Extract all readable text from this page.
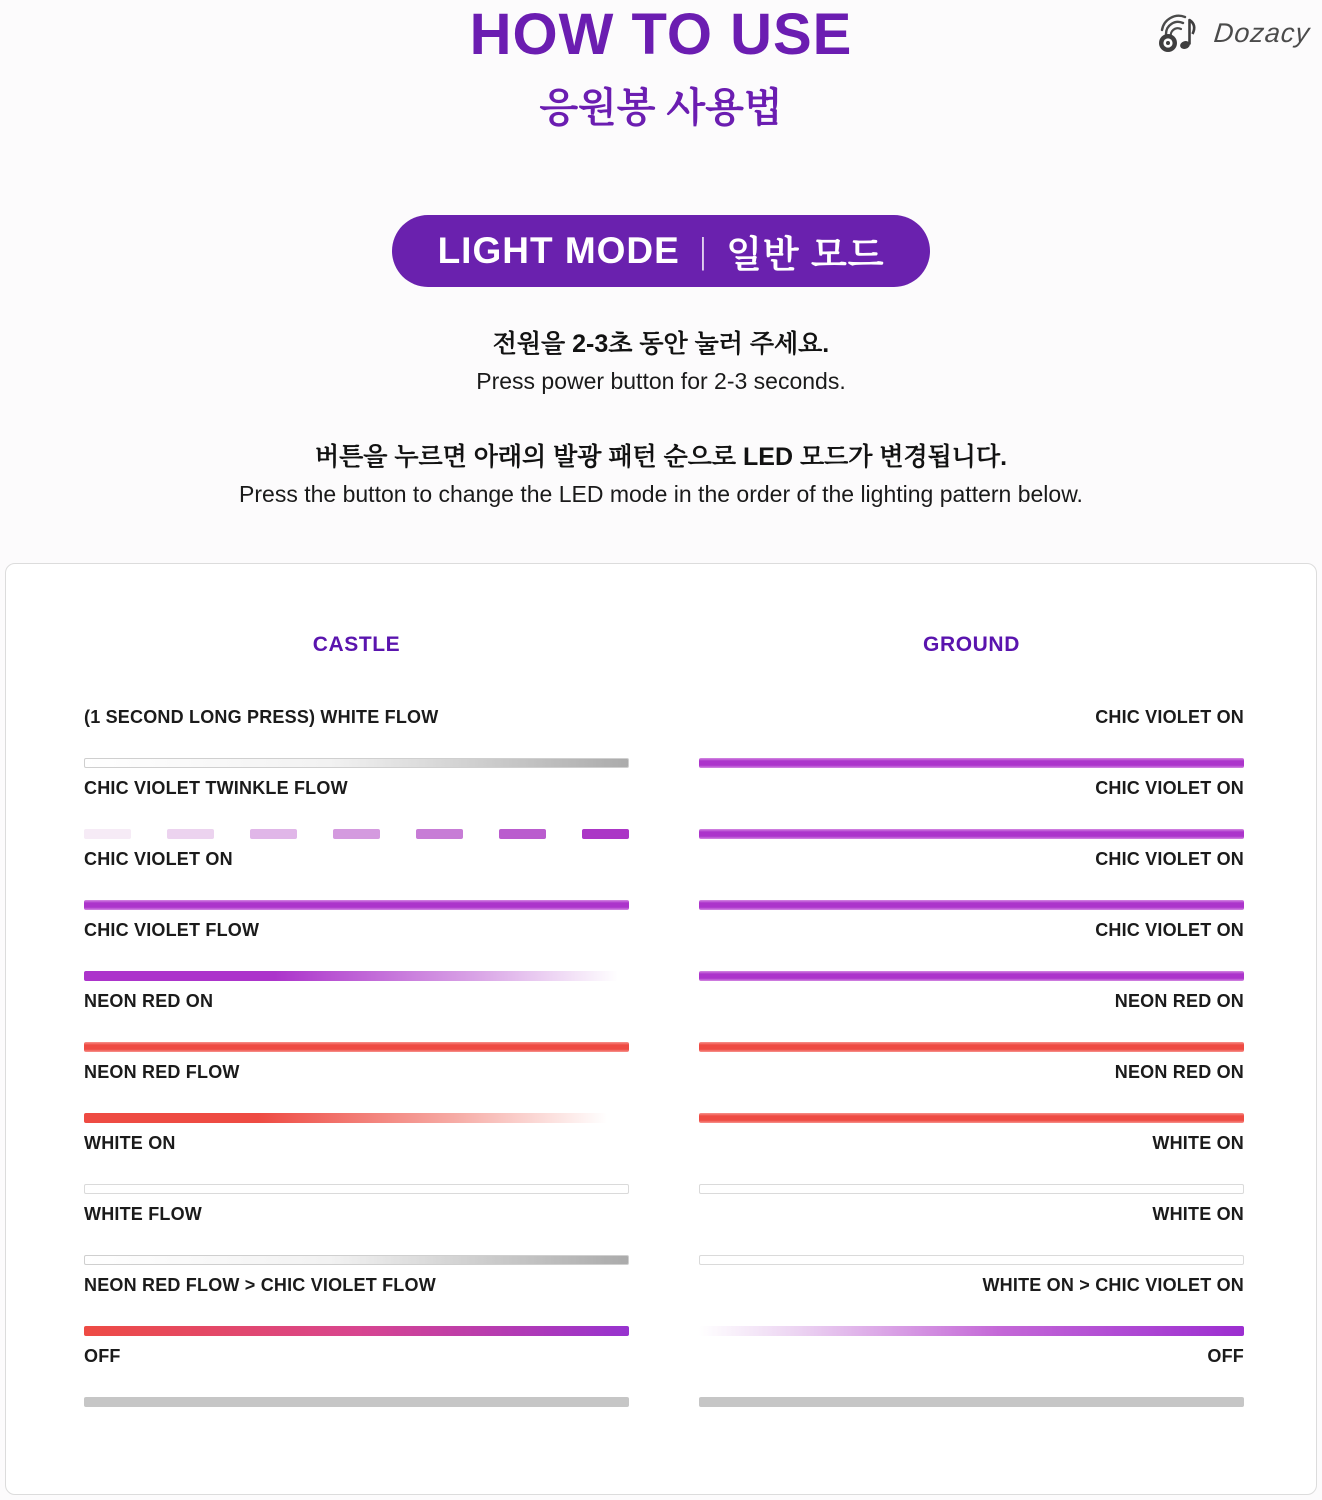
Dozacy
HOW TO USE
응원봉 사용법
LIGHT MODE | 일반 모드

전원을 2-3초 동안 눌러 주세요.

Press power button for 2-3 seconds.

버튼을 누르면 아래의 발광 패턴 순으로 LED 모드가 변경됩니다.

Press the button to change the LED mode in the order of the lighting pattern below.

CASTLE	GROUND
(1 SECOND LONG PRESS) WHITE FLOW	CHIC VIOLET ON
CHIC VIOLET TWINKLE FLOW	CHIC VIOLET ON
CHIC VIOLET ON	CHIC VIOLET ON
CHIC VIOLET FLOW	CHIC VIOLET ON
NEON RED ON	NEON RED ON
NEON RED FLOW	NEON RED ON
WHITE ON	WHITE ON
WHITE FLOW	WHITE ON
NEON RED FLOW > CHIC VIOLET FLOW	WHITE ON > CHIC VIOLET ON
OFF	OFF
